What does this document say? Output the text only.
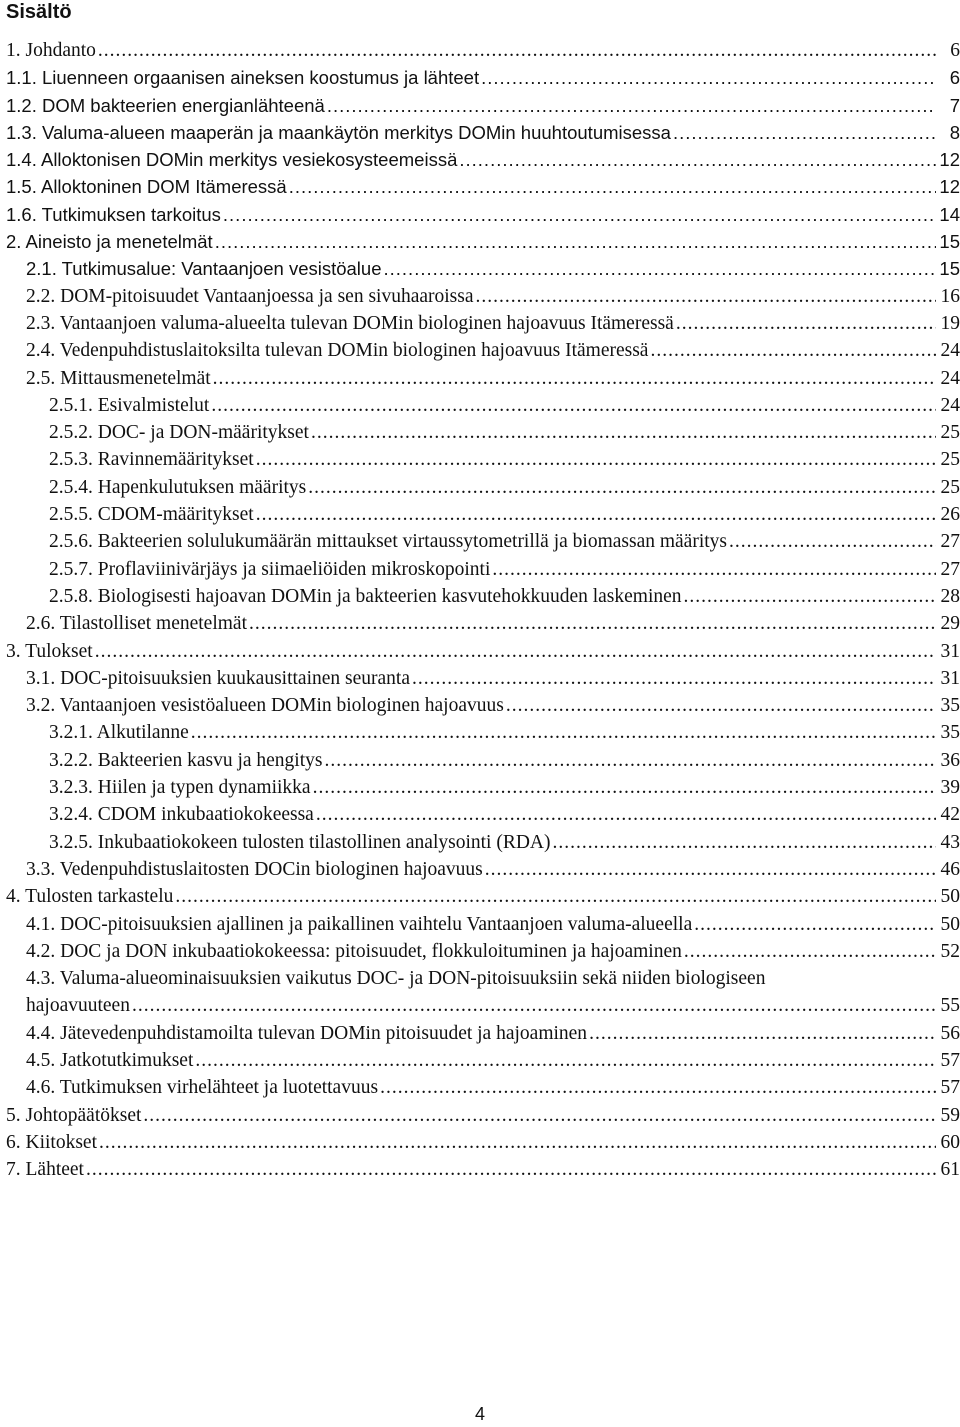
Sisältö
1. Johdanto .....	6
1.1. Liuenneen orgaanisen aineksen koostumus ja lähteet .....	6
1.2. DOM bakteerien energianlähteenä .....	7
1.3. Valuma-alueen maaperän ja maankäytön merkitys DOMin huuhtoutumisessa .....	8
1.4. Alloktonisen DOMin merkitys vesiekosysteemeissä .....	12
1.5. Alloktoninen DOM Itämeressä .....	12
1.6. Tutkimuksen tarkoitus .....	14
2. Aineisto ja menetelmät .....	15
2.1. Tutkimusalue: Vantaanjoen vesistöalue .....	15
2.2. DOM-pitoisuudet Vantaanjoessa ja sen sivuhaaroissa .....	16
2.3. Vantaanjoen valuma-alueelta tulevan DOMin biologinen hajoavuus Itämeressä .....	19
2.4. Vedenpuhdistuslaitoksilta tulevan DOMin biologinen hajoavuus Itämeressä .....	24
2.5. Mittausmenetelmät .....	24
2.5.1. Esivalmistelut .....	24
2.5.2. DOC- ja DON-määritykset .....	25
2.5.3. Ravinnemääritykset .....	25
2.5.4. Hapenkulutuksen määritys .....	25
2.5.5. CDOM-määritykset .....	26
2.5.6. Bakteerien solulukumäärän mittaukset virtaussytometrillä ja biomassan määritys .....	27
2.5.7. Proflaviinivärjäys ja siimaeliöiden mikroskopointi .....	27
2.5.8. Biologisesti hajoavan DOMin ja bakteerien kasvutehokkuuden laskeminen .....	28
2.6. Tilastolliset menetelmät .....	29
3. Tulokset .....	31
3.1. DOC-pitoisuuksien kuukausittainen seuranta .....	31
3.2. Vantaanjoen vesistöalueen DOMin biologinen hajoavuus .....	35
3.2.1. Alkutilanne .....	35
3.2.2. Bakteerien kasvu ja hengitys .....	36
3.2.3. Hiilen ja typen dynamiikka .....	39
3.2.4. CDOM inkubaatiokokeessa .....	42
3.2.5. Inkubaatiokokeen tulosten tilastollinen analysointi (RDA) .....	43
3.3. Vedenpuhdistuslaitosten DOCin biologinen hajoavuus .....	46
4. Tulosten tarkastelu .....	50
4.1. DOC-pitoisuuksien ajallinen ja paikallinen vaihtelu Vantaanjoen valuma-alueella .....	50
4.2. DOC ja DON inkubaatiokokeessa: pitoisuudet, flokkuloituminen ja hajoaminen .....	52
4.3. Valuma-alueominaisuuksien vaikutus DOC- ja DON-pitoisuuksiin sekä niiden biologiseen
hajoavuuteen .....	55
4.4. Jätevedenpuhdistamoilta tulevan DOMin pitoisuudet ja hajoaminen .....	56
4.5. Jatkotutkimukset .....	57
4.6. Tutkimuksen virhelähteet ja luotettavuus .....	57
5. Johtopäätökset .....	59
6. Kiitokset .....	60
7. Lähteet .....	61

4
